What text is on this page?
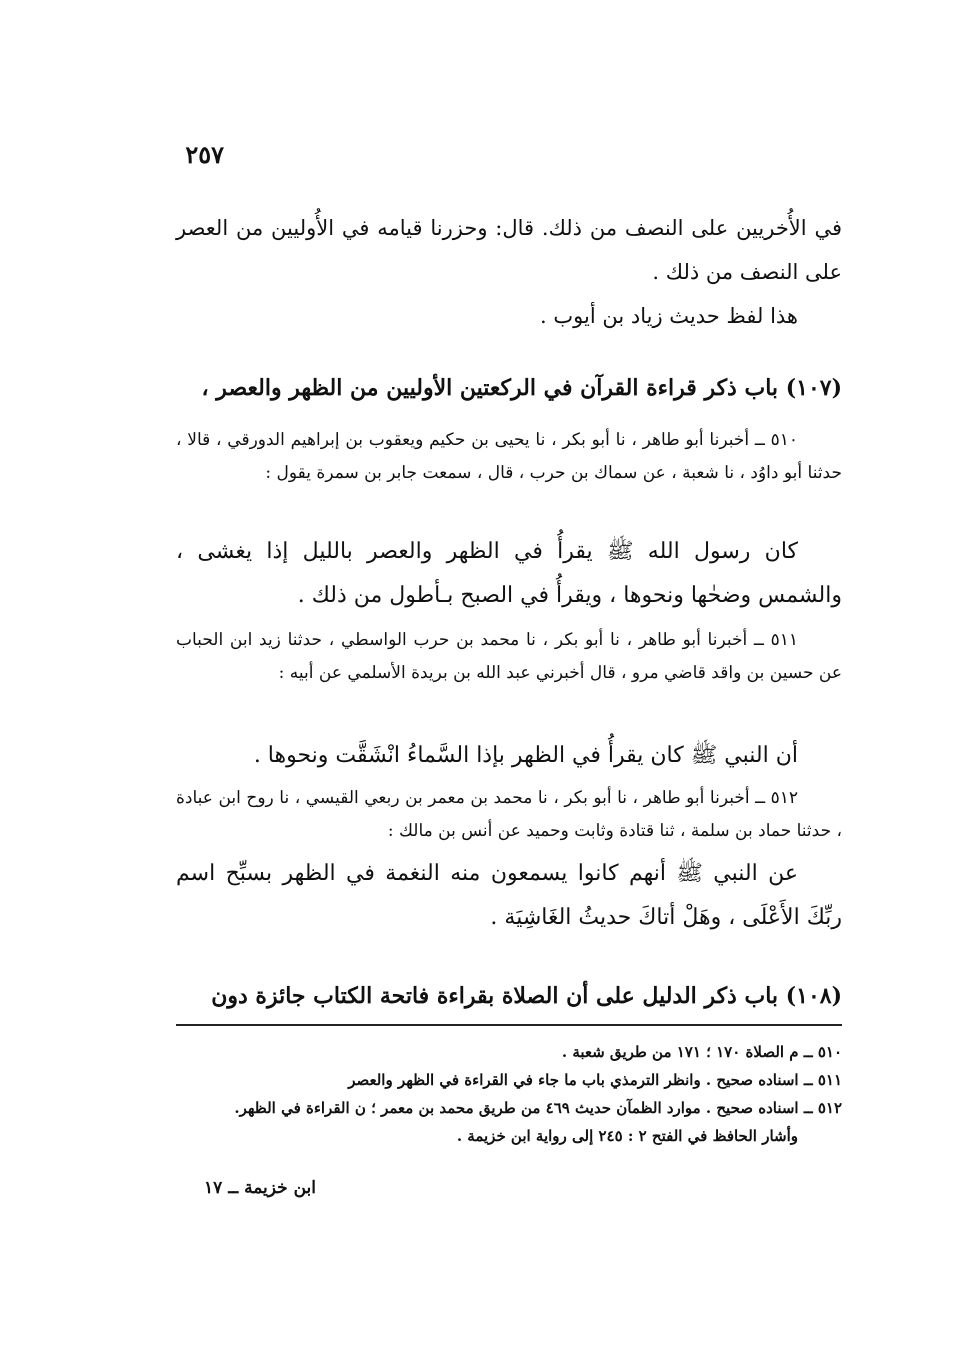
٢٥٧

في الأُخريين على النصف من ذلك. قال: وحزرنا قيامه في الأُوليين من العصر على النصف من ذلك .

هذا لفظ حديث زياد بن أيوب .

(١٠٧) باب ذكر قراءة القرآن في الركعتين الأوليين من الظهر والعصر ،
٥١٠ ــ أخبرنا أبو طاهر ، نا أبو بكر ، نا يحيى بن حكيم ويعقوب بن إبراهيم الدورقي ، قالا ، حدثنا أبو داوُد ، نا شعبة ، عن سماك بن حرب ، قال ، سمعت جابر بن سمرة يقول :
كان رسول الله ﷺ يقرأُ في الظهر والعصر بالليل إذا يغشى ، والشمس وضحٰها ونحوها ، ويقرأُ في الصبح بـأطول من ذلك .
٥١١ ــ أخبرنا أبو طاهر ، نا أبو بكر ، نا محمد بن حرب الواسطي ، حدثنا زيد ابن الحباب عن حسين بن واقد قاضي مرو ، قال أخبرني عبد الله بن بريدة الأسلمي عن أبيه :
أن النبي ﷺ كان يقرأُ في الظهر بإذا السَّماءُ انْشَقَّت ونحوها .
٥١٢ ــ أخبرنا أبو طاهر ، نا أبو بكر ، نا محمد بن معمر بن ربعي القيسي ، نا روح ابن عبادة ، حدثنا حماد بن سلمة ، ثنا قتادة وثابت وحميد عن أنس بن مالك :
عن النبي ﷺ أنهم كانوا يسمعون منه النغمة في الظهر بسبِّح اسم ربِّكَ الأَعْلَى ، وهَلْ أتاكَ حديثُ الغَاشِيَة .
(١٠٨) باب ذكر الدليل على أن الصلاة بقراءة فاتحة الكتاب جائزة دون

٥١٠ ــ م الصلاة ١٧٠ ؛ ١٧١ من طريق شعبة .

٥١١ ــ اسناده صحيح . وانظر الترمذي باب ما جاء في القراءة في الظهر والعصر

٥١٢ ــ اسناده صحيح . موارد الظمآن حديث ٤٦٩ من طريق محمد بن معمر ؛ ن القراءة في الظهر.

وأشار الحافظ في الفتح ٢ : ٢٤٥ إلى رواية ابن خزيمة .

ابن خزيمة ــ ١٧
